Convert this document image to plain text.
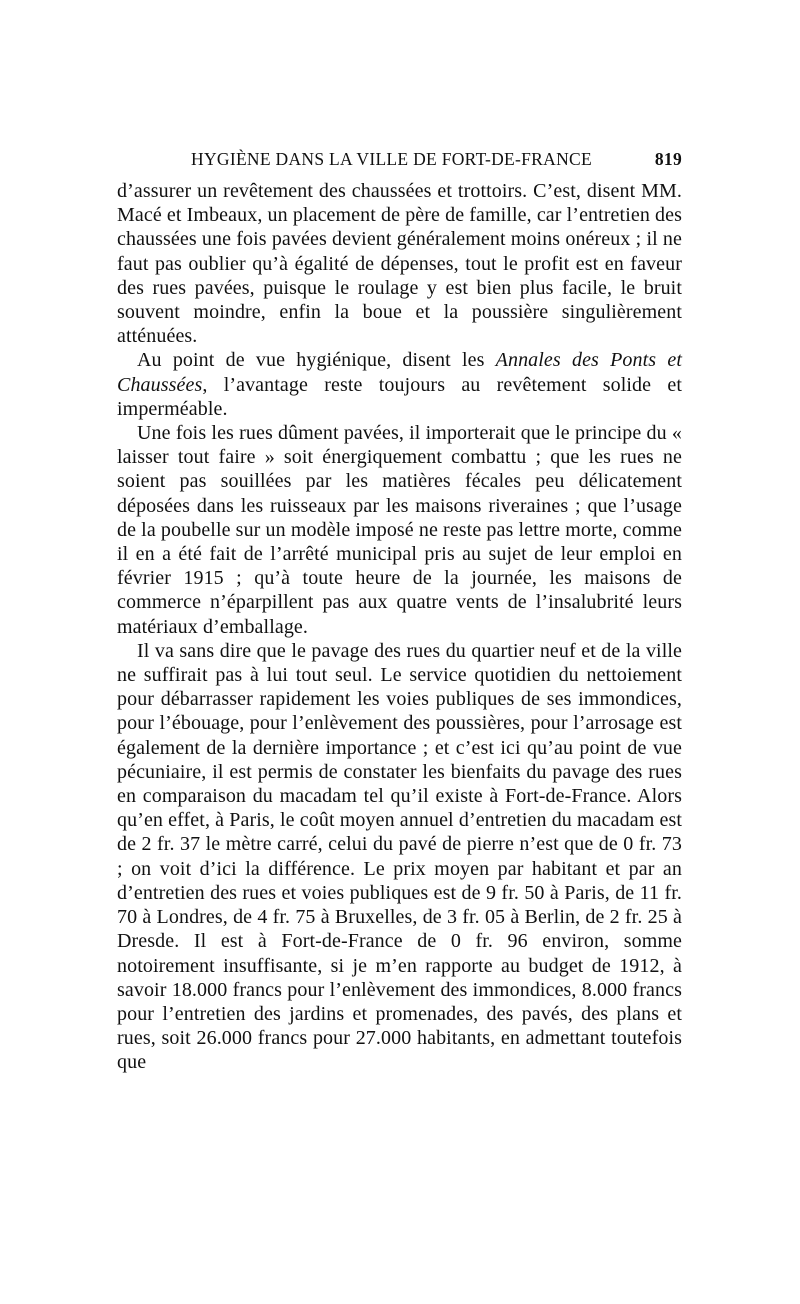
HYGIÈNE DANS LA VILLE DE FORT-DE-FRANCE	819

d’assurer un revêtement des chaussées et trottoirs. C’est, disent MM. Macé et Imbeaux, un placement de père de famille, car l’entretien des chaussées une fois pavées devient généralement moins onéreux ; il ne faut pas oublier qu’à égalité de dépenses, tout le profit est en faveur des rues pavées, puisque le roulage y est bien plus facile, le bruit souvent moindre, enfin la boue et la poussière singulièrement atténuées.

Au point de vue hygiénique, disent les Annales des Ponts et Chaussées, l’avantage reste toujours au revêtement solide et imperméable.

Une fois les rues dûment pavées, il importerait que le principe du « laisser tout faire » soit énergiquement combattu ; que les rues ne soient pas souillées par les matières fécales peu délicatement déposées dans les ruisseaux par les maisons riveraines ; que l’usage de la poubelle sur un modèle imposé ne reste pas lettre morte, comme il en a été fait de l’arrêté municipal pris au sujet de leur emploi en février 1915 ; qu’à toute heure de la journée, les maisons de commerce n’éparpillent pas aux quatre vents de l’insalubrité leurs matériaux d’emballage.

Il va sans dire que le pavage des rues du quartier neuf et de la ville ne suffirait pas à lui tout seul. Le service quotidien du nettoiement pour débarrasser rapidement les voies publiques de ses immondices, pour l’ébouage, pour l’enlèvement des poussières, pour l’arrosage est également de la dernière importance ; et c’est ici qu’au point de vue pécuniaire, il est permis de constater les bienfaits du pavage des rues en comparaison du macadam tel qu’il existe à Fort-de-France. Alors qu’en effet, à Paris, le coût moyen annuel d’entretien du macadam est de 2 fr. 37 le mètre carré, celui du pavé de pierre n’est que de 0 fr. 73 ; on voit d’ici la différence. Le prix moyen par habitant et par an d’entretien des rues et voies publiques est de 9 fr. 50 à Paris, de 11 fr. 70 à Londres, de 4 fr. 75 à Bruxelles, de 3 fr. 05 à Berlin, de 2 fr. 25 à Dresde. Il est à Fort-de-France de 0 fr. 96 environ, somme notoirement insuffisante, si je m’en rapporte au budget de 1912, à savoir 18.000 francs pour l’enlèvement des immondices, 8.000 francs pour l’entretien des jardins et promenades, des pavés, des plans et rues, soit 26.000 francs pour 27.000 habitants, en admettant toutefois que
